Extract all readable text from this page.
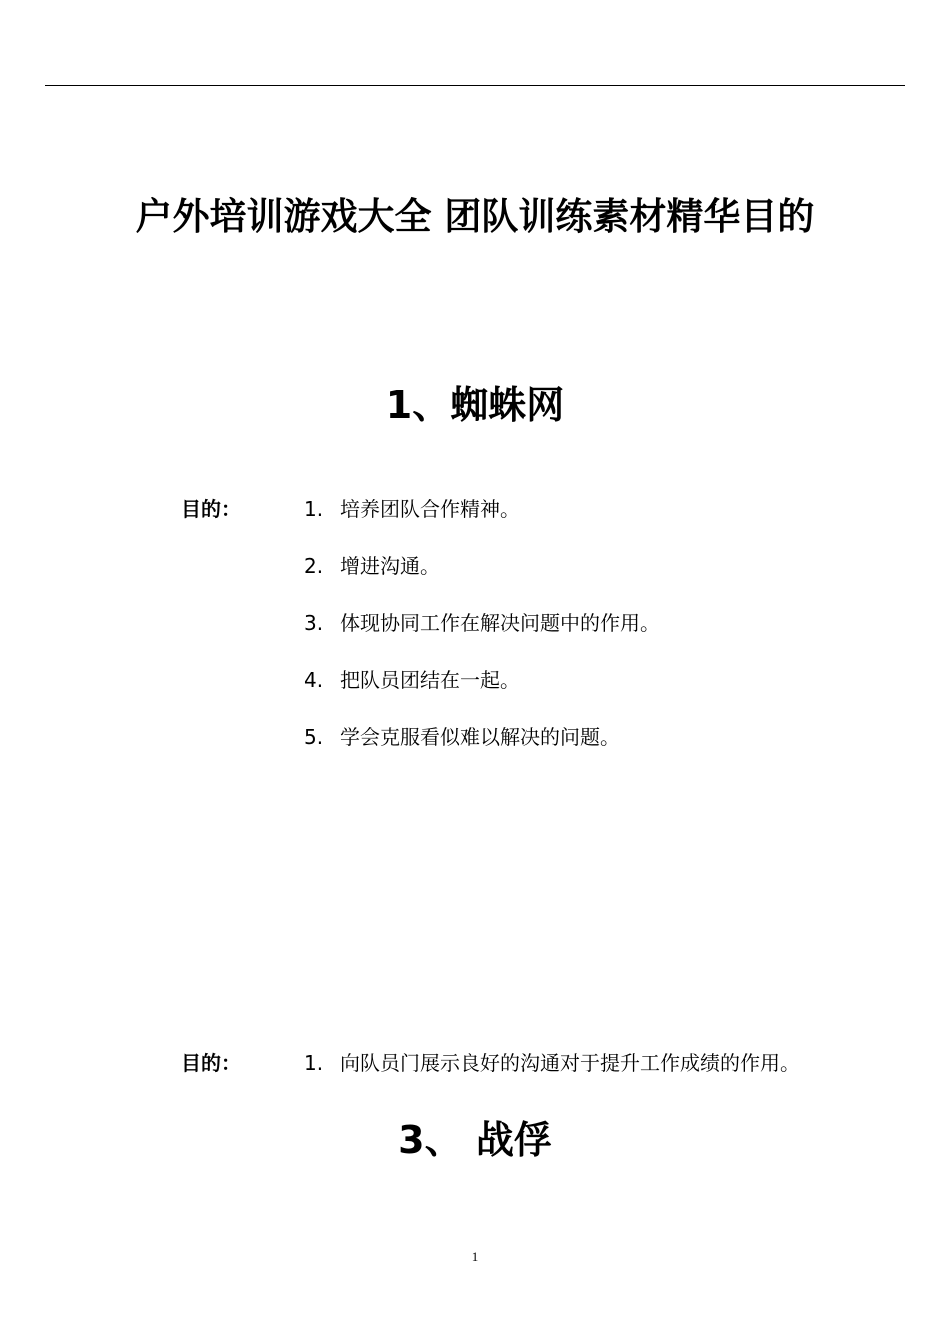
户外培训游戏大全 团队训练素材精华目的
1、蜘蛛网
目的：	1. 培养团队合作精神。
2. 增进沟通。
3. 体现协同工作在解决问题中的作用。
4. 把队员团结在一起。
5. 学会克服看似难以解决的问题。
目的：	1. 向队员门展示良好的沟通对于提升工作成绩的作用。
3、 战俘
1
